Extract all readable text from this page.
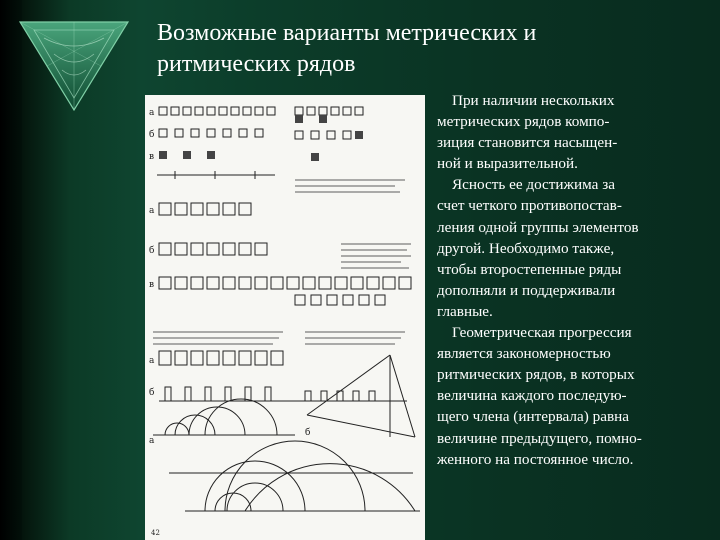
Возможные варианты метрических и
ритмических рядов
а
б
в
а
б
в
а
б
а
б
42
При наличии нескольких
метрических рядов компо-
зиция становится насыщен-
ной и выразительной.
Ясность ее достижима за
счет четкого противопостав-
ления одной группы элементов
другой. Необходимо также,
чтобы второстепенные ряды
дополняли и поддерживали
главные.
Геометрическая прогрессия
является закономерностью
ритмических рядов, в которых
величина каждого последую-
щего члена (интервала) равна
величине предыдущего, помно-
женного на постоянное число.
